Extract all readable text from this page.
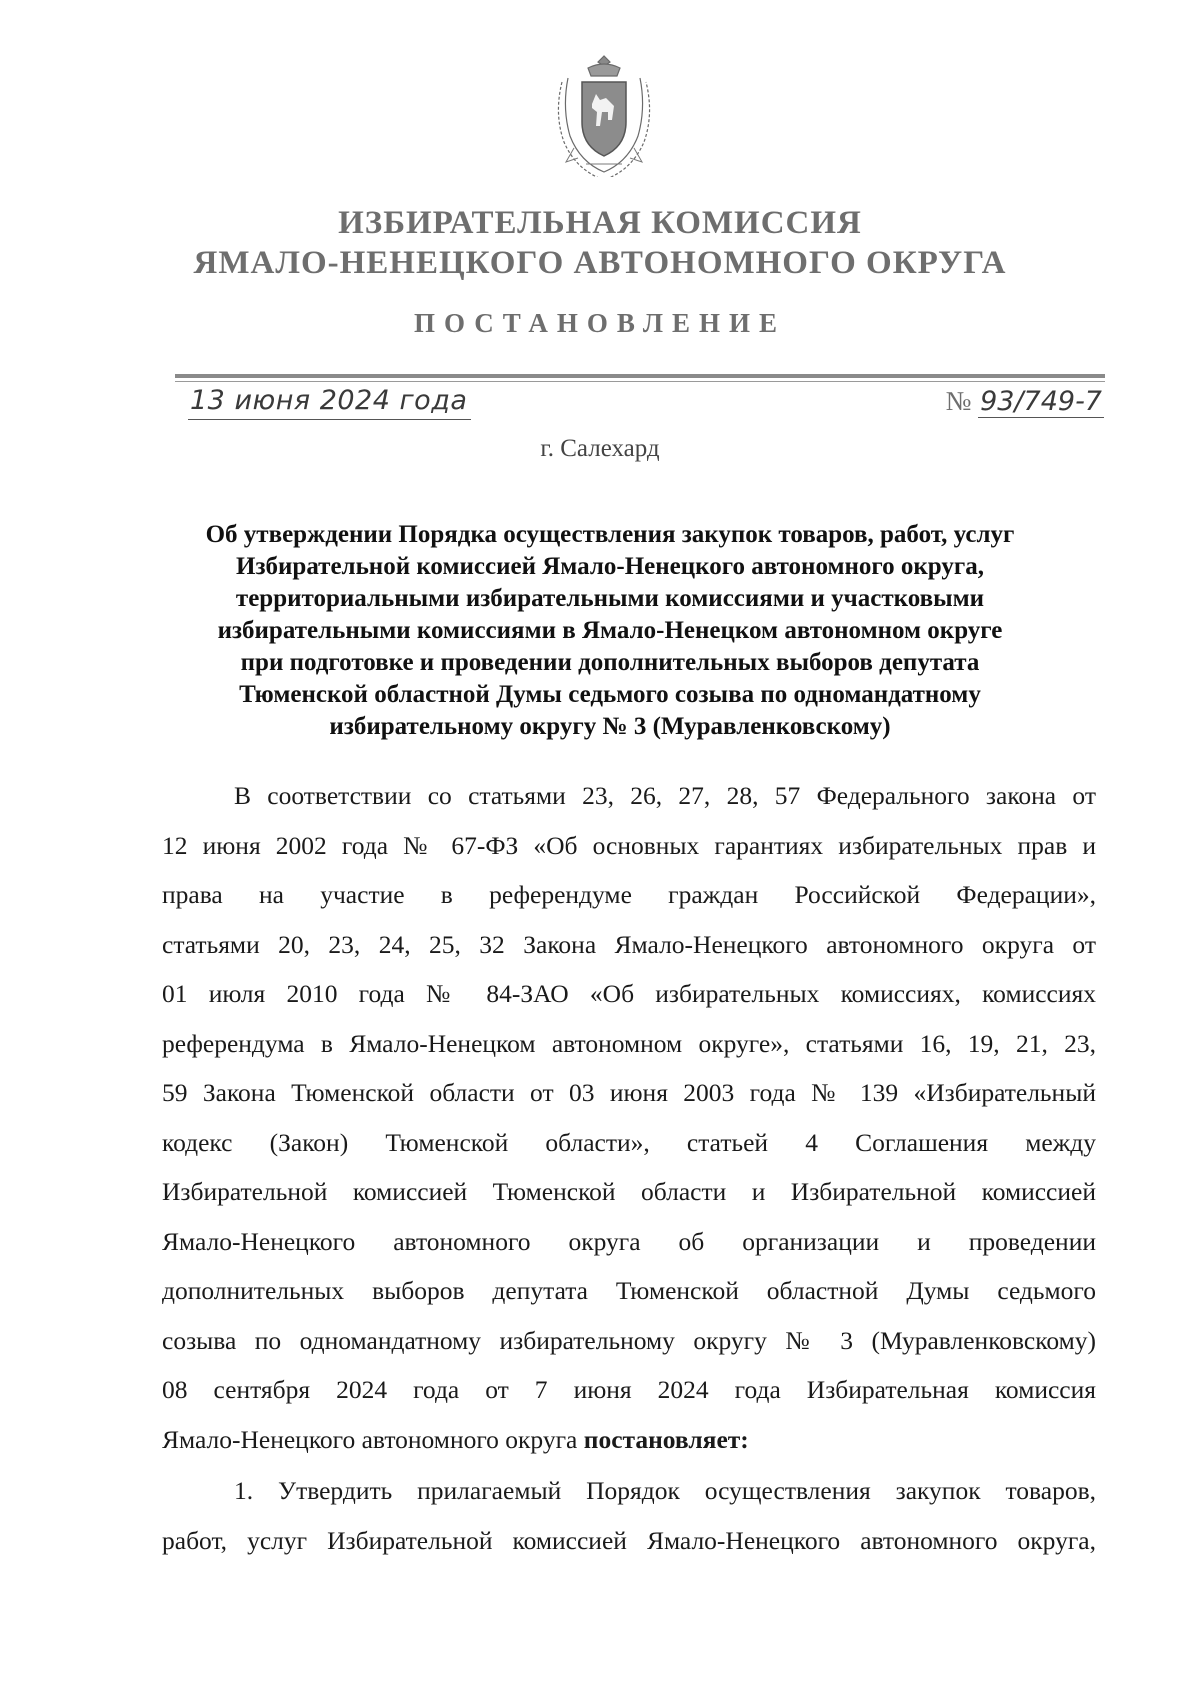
ИЗБИРАТЕЛЬНАЯ КОМИССИЯ
ЯМАЛО-НЕНЕЦКОГО АВТОНОМНОГО ОКРУГА
ПОСТАНОВЛЕНИЕ
13 июня 2024 года	№ 93/749-7
г. Салехард
Об утверждении Порядка осуществления закупок товаров, работ, услуг
Избирательной комиссией Ямало-Ненецкого автономного округа,
территориальными избирательными комиссиями и участковыми
избирательными комиссиями в Ямало-Ненецком автономном округе
при подготовке и проведении дополнительных выборов депутата
Тюменской областной Думы седьмого созыва по одномандатному
избирательному округу № 3 (Муравленковскому)
В соответствии со статьями 23, 26, 27, 28, 57 Федерального закона от
12 июня 2002 года № 67-ФЗ «Об основных гарантиях избирательных прав и
права на участие в референдуме граждан Российской Федерации»,
статьями 20, 23, 24, 25, 32 Закона Ямало-Ненецкого автономного округа от
01 июля 2010 года № 84-ЗАО «Об избирательных комиссиях, комиссиях
референдума в Ямало-Ненецком автономном округе», статьями 16, 19, 21, 23,
59 Закона Тюменской области от 03 июня 2003 года № 139 «Избирательный
кодекс (Закон) Тюменской области», статьей 4 Соглашения между
Избирательной комиссией Тюменской области и Избирательной комиссией
Ямало-Ненецкого автономного округа об организации и проведении
дополнительных выборов депутата Тюменской областной Думы седьмого
созыва по одномандатному избирательному округу № 3 (Муравленковскому)
08 сентября 2024 года от 7 июня 2024 года Избирательная комиссия
Ямало-Ненецкого автономного округа постановляет:
1. Утвердить прилагаемый Порядок осуществления закупок товаров,
работ, услуг Избирательной комиссией Ямало-Ненецкого автономного округа,
